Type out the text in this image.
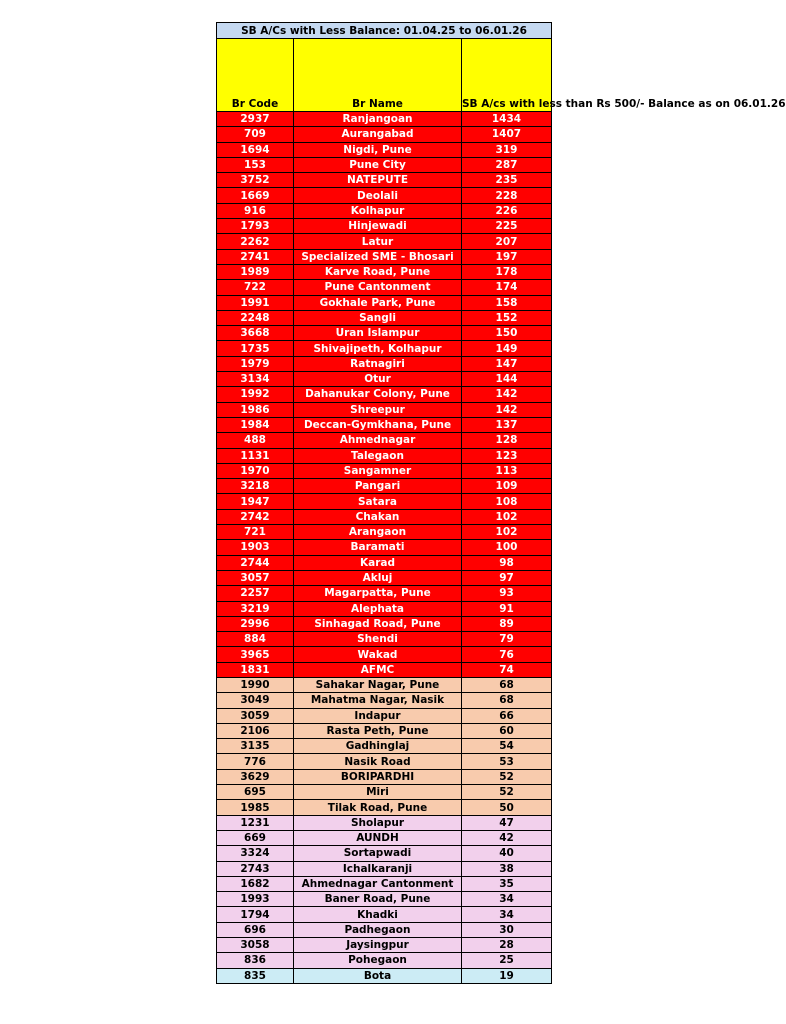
SB A/Cs with Less Balance: 01.04.25 to 06.01.26		
Br Code	Br Name	SB A/cs with less than Rs 500/- Balance as on 06.01.26
2937	Ranjangoan	1434
709	Aurangabad	1407
1694	Nigdi, Pune	319
153	Pune City	287
3752	NATEPUTE	235
1669	Deolali	228
916	Kolhapur	226
1793	Hinjewadi	225
2262	Latur	207
2741	Specialized SME - Bhosari	197
1989	Karve Road, Pune	178
722	Pune Cantonment	174
1991	Gokhale Park, Pune	158
2248	Sangli	152
3668	Uran Islampur	150
1735	Shivajipeth, Kolhapur	149
1979	Ratnagiri	147
3134	Otur	144
1992	Dahanukar Colony, Pune	142
1986	Shreepur	142
1984	Deccan-Gymkhana, Pune	137
488	Ahmednagar	128
1131	Talegaon	123
1970	Sangamner	113
3218	Pangari	109
1947	Satara	108
2742	Chakan	102
721	Arangaon	102
1903	Baramati	100
2744	Karad	98
3057	Akluj	97
2257	Magarpatta, Pune	93
3219	Alephata	91
2996	Sinhagad Road, Pune	89
884	Shendi	79
3965	Wakad	76
1831	AFMC	74
1990	Sahakar Nagar, Pune	68
3049	Mahatma Nagar, Nasik	68
3059	Indapur	66
2106	Rasta Peth, Pune	60
3135	Gadhinglaj	54
776	Nasik Road	53
3629	BORIPARDHI	52
695	Miri	52
1985	Tilak Road, Pune	50
1231	Sholapur	47
669	AUNDH	42
3324	Sortapwadi	40
2743	Ichalkaranji	38
1682	Ahmednagar Cantonment	35
1993	Baner Road, Pune	34
1794	Khadki	34
696	Padhegaon	30
3058	Jaysingpur	28
836	Pohegaon	25
835	Bota	19
